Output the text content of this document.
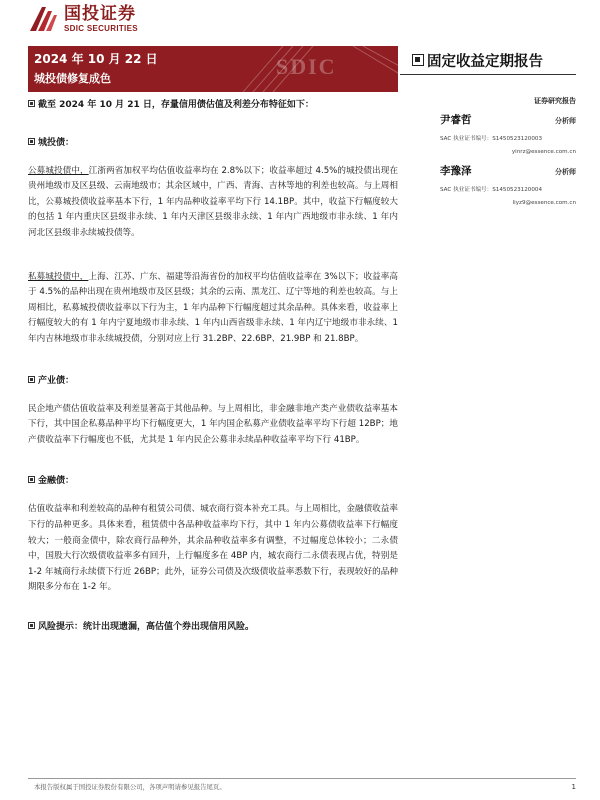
国投证券
SDIC SECURITIES
2024 年 10 月 22 日
城投债修复成色	SDIC	固定收益定期报告
证券研究报告
尹睿哲	分析师
SAC 执业证书编号：S1450523120003
yinrz@essence.com.cn
李豫泽	分析师
SAC 执业证书编号：S1450523120004
liyz9@essence.com.cn
截至 2024 年 10 月 21 日，存量信用债估值及利差分布特征如下：
城投债：

公募城投债中，江浙两省加权平均估值收益率均在 2.8%以下；收益率超过 4.5%的城投债出现在贵州地级市及区县级、云南地级市；其余区域中，广西、青海、吉林等地的利差也较高。与上周相比，公募城投债收益率基本下行，1 年内品种收益率平均下行 14.1BP。其中，收益下行幅度较大的包括 1 年内重庆区县级非永续、1 年内天津区县级非永续、1 年内广西地级市非永续、1 年内河北区县级非永续城投债等。

私募城投债中，上海、江苏、广东、福建等沿海省份的加权平均估值收益率在 3%以下；收益率高于 4.5%的品种出现在贵州地级市及区县级；其余的云南、黑龙江、辽宁等地的利差也较高。与上周相比，私募城投债收益率以下行为主，1 年内品种下行幅度超过其余品种。具体来看，收益率上行幅度较大的有 1 年内宁夏地级市非永续、1 年内山西省级非永续、1 年内辽宁地级市非永续、1 年内吉林地级市非永续城投债，分别对应上行 31.2BP、22.6BP、21.9BP 和 21.8BP。

产业债：

民企地产债估值收益率及利差显著高于其他品种。与上周相比，非金融非地产类产业债收益率基本下行，其中国企私募品种平均下行幅度更大，1 年内国企私募产业债收益率平均下行超 12BP；地产债收益率下行幅度也不低，尤其是 1 年内民企公募非永续品种收益率平均下行 41BP。

金融债：

估值收益率和利差较高的品种有租赁公司债、城农商行资本补充工具。与上周相比，金融债收益率下行的品种更多。具体来看，租赁债中各品种收益率均下行，其中 1 年内公募债收益率下行幅度较大；一般商金债中，除农商行品种外，其余品种收益率多有调整，不过幅度总体较小；二永债中，国股大行次级债收益率多有回升，上行幅度多在 4BP 内，城农商行二永债表现占优，特别是 1-2 年城商行永续债下行近 26BP；此外，证券公司债及次级债收益率悉数下行，表现较好的品种期限多分布在 1-2 年。

风险提示：统计出现遗漏，高估值个券出现信用风险。
本报告版权属于国投证券股份有限公司，各项声明请参见报告尾页。	1
